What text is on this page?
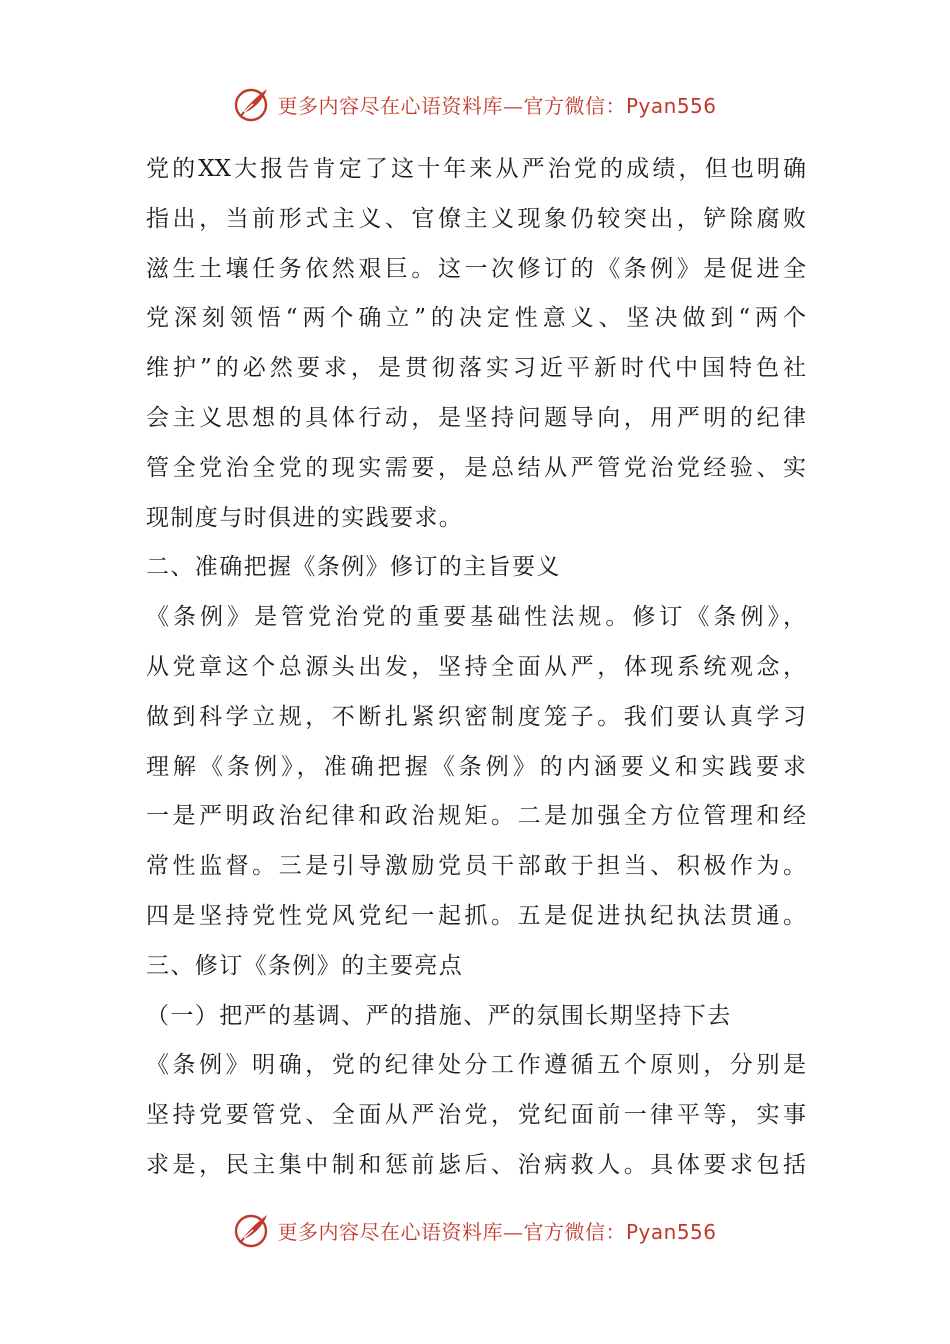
更多内容尽在心语资料库—官方微信：Pyan556
党的XX大报告肯定了这十年来从严治党的成绩，但也明确
指出，当前形式主义、官僚主义现象仍较突出，铲除腐败
滋生土壤任务依然艰巨。这一次修订的《条例》是促进全
党深刻领悟“两个确立”的决定性意义、坚决做到“两个
维护”的必然要求，是贯彻落实习近平新时代中国特色社
会主义思想的具体行动，是坚持问题导向，用严明的纪律
管全党治全党的现实需要，是总结从严管党治党经验、实
现制度与时俱进的实践要求。
二、准确把握《条例》修订的主旨要义
《条例》是管党治党的重要基础性法规。修订《条例》，
从党章这个总源头出发，坚持全面从严，体现系统观念，
做到科学立规，不断扎紧织密制度笼子。我们要认真学习
理解《条例》，准确把握《条例》的内涵要义和实践要求
一是严明政治纪律和政治规矩。二是加强全方位管理和经
常性监督。三是引导激励党员干部敢于担当、积极作为。
四是坚持党性党风党纪一起抓。五是促进执纪执法贯通。
三、修订《条例》的主要亮点
（一）把严的基调、严的措施、严的氛围长期坚持下去
《条例》明确，党的纪律处分工作遵循五个原则，分别是
坚持党要管党、全面从严治党，党纪面前一律平等，实事
求是，民主集中制和惩前毖后、治病救人。具体要求包括
更多内容尽在心语资料库—官方微信：Pyan556
